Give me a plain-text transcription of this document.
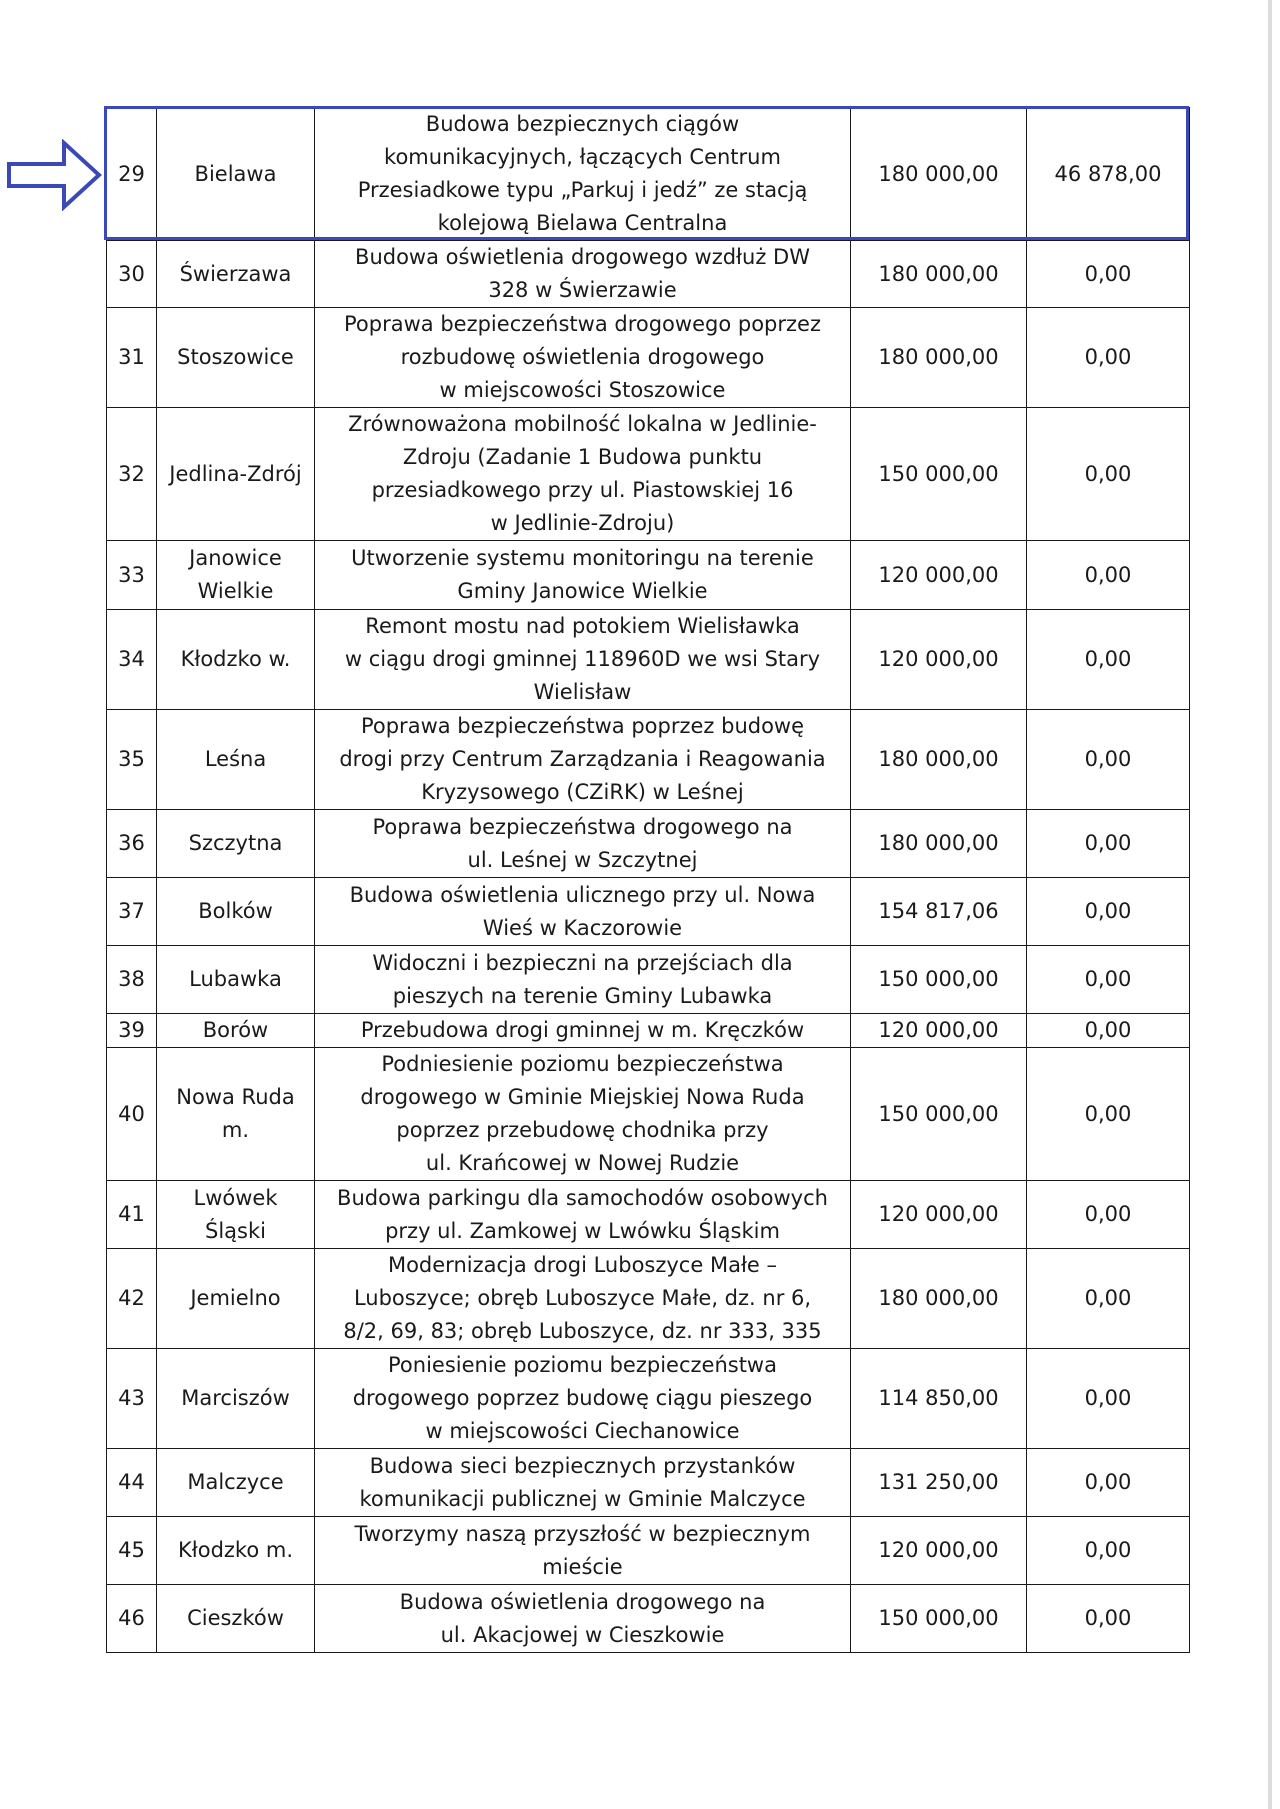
29	Bielawa	Budowa bezpiecznych ciągów
komunikacyjnych, łączących Centrum
Przesiadkowe typu „Parkuj i jedź” ze stacją
kolejową Bielawa Centralna	180 000,00	46 878,00
30	Świerzawa	Budowa oświetlenia drogowego wzdłuż DW
328 w Świerzawie	180 000,00	0,00
31	Stoszowice	Poprawa bezpieczeństwa drogowego poprzez
rozbudowę oświetlenia drogowego
w miejscowości Stoszowice	180 000,00	0,00
32	Jedlina-Zdrój	Zrównoważona mobilność lokalna w Jedlinie-
Zdroju (Zadanie 1 Budowa punktu
przesiadkowego przy ul. Piastowskiej 16
w Jedlinie-Zdroju)	150 000,00	0,00
33	Janowice
Wielkie	Utworzenie systemu monitoringu na terenie
Gminy Janowice Wielkie	120 000,00	0,00
34	Kłodzko w.	Remont mostu nad potokiem Wielisławka
w ciągu drogi gminnej 118960D we wsi Stary
Wielisław	120 000,00	0,00
35	Leśna	Poprawa bezpieczeństwa poprzez budowę
drogi przy Centrum Zarządzania i Reagowania
Kryzysowego (CZiRK) w Leśnej	180 000,00	0,00
36	Szczytna	Poprawa bezpieczeństwa drogowego na
ul. Leśnej w Szczytnej	180 000,00	0,00
37	Bolków	Budowa oświetlenia ulicznego przy ul. Nowa
Wieś w Kaczorowie	154 817,06	0,00
38	Lubawka	Widoczni i bezpieczni na przejściach dla
pieszych na terenie Gminy Lubawka	150 000,00	0,00
39	Borów	Przebudowa drogi gminnej w m. Kręczków	120 000,00	0,00
40	Nowa Ruda
m.	Podniesienie poziomu bezpieczeństwa
drogowego w Gminie Miejskiej Nowa Ruda
poprzez przebudowę chodnika przy
ul. Krańcowej w Nowej Rudzie	150 000,00	0,00
41	Lwówek
Śląski	Budowa parkingu dla samochodów osobowych
przy ul. Zamkowej w Lwówku Śląskim	120 000,00	0,00
42	Jemielno	Modernizacja drogi Luboszyce Małe –
Luboszyce; obręb Luboszyce Małe, dz. nr 6,
8/2, 69, 83; obręb Luboszyce, dz. nr 333, 335	180 000,00	0,00
43	Marciszów	Poniesienie poziomu bezpieczeństwa
drogowego poprzez budowę ciągu pieszego
w miejscowości Ciechanowice	114 850,00	0,00
44	Malczyce	Budowa sieci bezpiecznych przystanków
komunikacji publicznej w Gminie Malczyce	131 250,00	0,00
45	Kłodzko m.	Tworzymy naszą przyszłość w bezpiecznym
mieście	120 000,00	0,00
46	Cieszków	Budowa oświetlenia drogowego na
ul. Akacjowej w Cieszkowie	150 000,00	0,00
